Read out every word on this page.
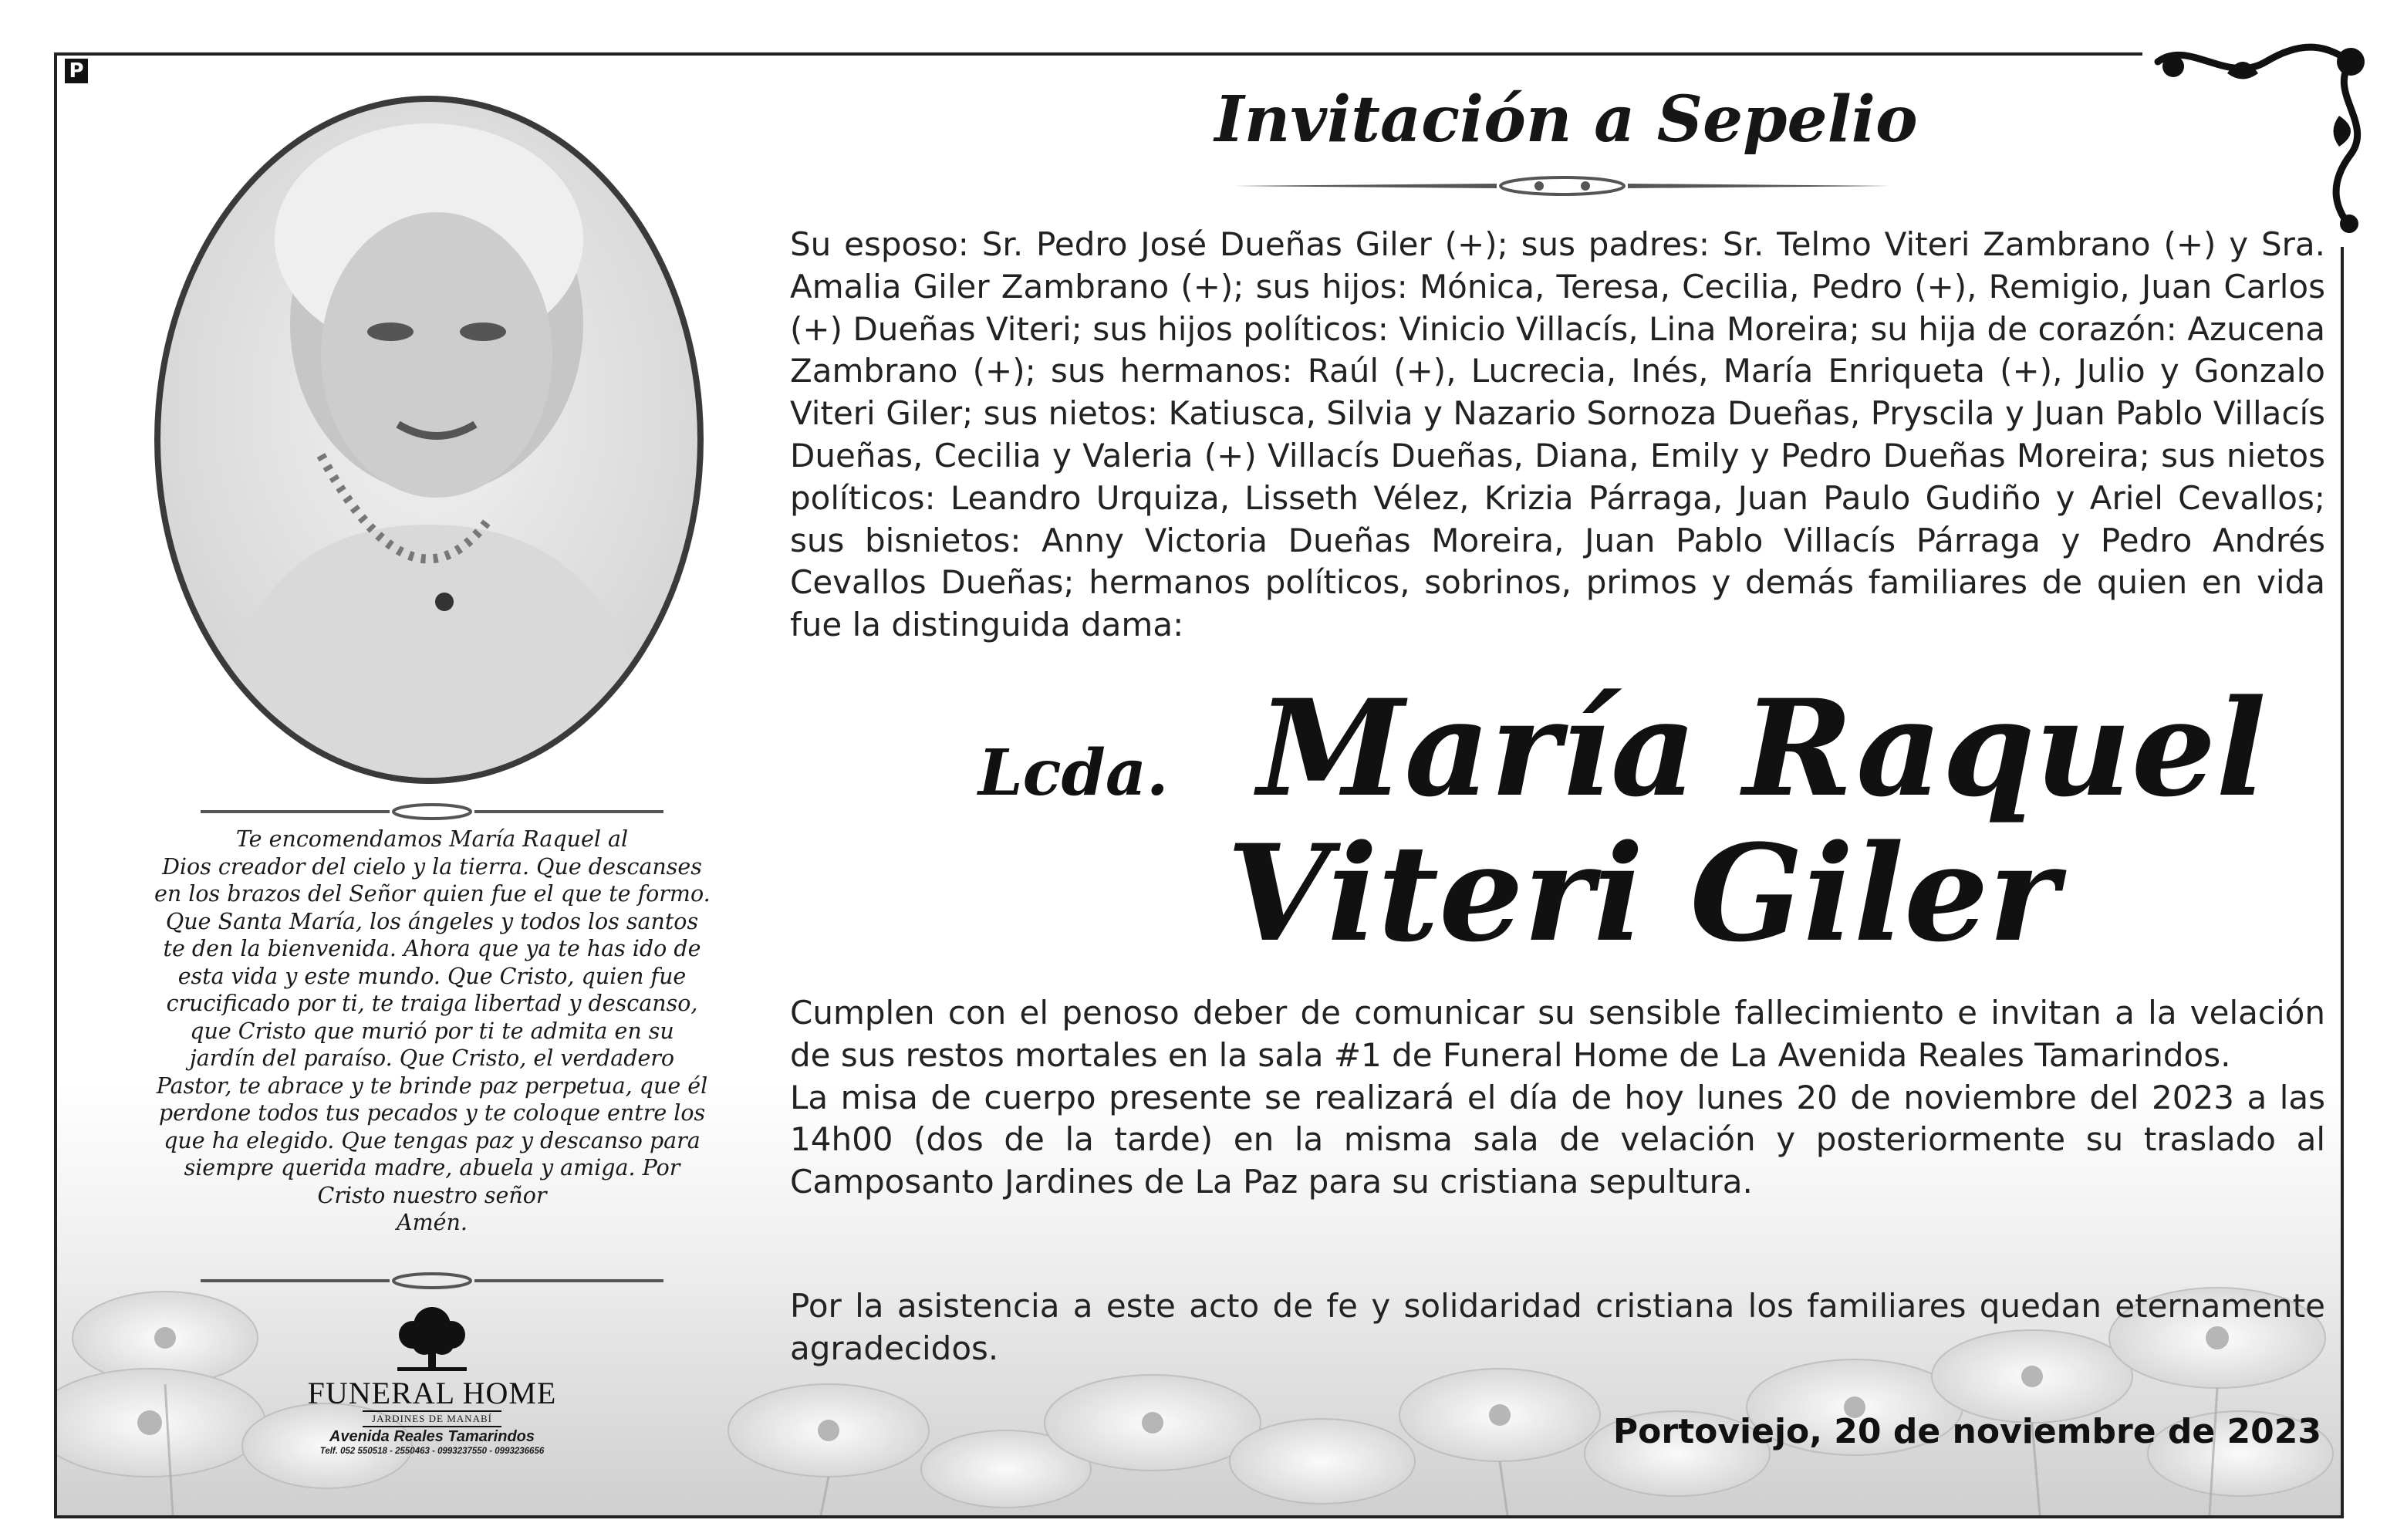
P
Te encomendamos María Raquel al
Dios creador del cielo y la tierra. Que descanses
en los brazos del Señor quien fue el que te formo.
Que Santa María, los ángeles y todos los santos
te den la bienvenida. Ahora que ya te has ido de
esta vida y este mundo. Que Cristo, quien fue
crucificado por ti, te traiga libertad y descanso,
que Cristo que murió por ti te admita en su
jardín del paraíso. Que Cristo, el verdadero
Pastor, te abrace y te brinde paz perpetua, que él
perdone todos tus pecados y te coloque entre los
que ha elegido. Que tengas paz y descanso para
siempre querida madre, abuela y amiga. Por
Cristo nuestro señor
Amén.
FUNERAL HOME
JARDINES DE MANABÍ
Avenida Reales Tamarindos
Telf. 052 550518 - 2550463 - 0993237550 - 0993236656
Invitación a Sepelio
Su esposo: Sr. Pedro José Dueñas Giler (+); sus padres: Sr. Telmo Viteri Zambrano (+) y Sra. Amalia Giler Zambrano (+); sus hijos: Mónica, Teresa, Cecilia, Pedro (+), Remigio, Juan Carlos (+) Dueñas Viteri; sus hijos políticos: Vinicio Villacís, Lina Moreira; su hija de corazón: Azucena Zambrano (+); sus hermanos: Raúl (+), Lucrecia, Inés, María Enriqueta (+), Julio y Gonzalo Viteri Giler; sus nietos: Katiusca, Silvia y Nazario Sornoza Dueñas, Pryscila y Juan Pablo Villacís Dueñas, Cecilia y Valeria (+) Villacís Dueñas, Diana, Emily y Pedro Dueñas Moreira; sus nietos políticos: Leandro Urquiza, Lisseth Vélez, Krizia Párraga, Juan Paulo Gudiño y Ariel Cevallos; sus bisnietos: Anny Victoria Dueñas Moreira, Juan Pablo Villacís Párraga y Pedro Andrés Cevallos Dueñas; hermanos políticos, sobrinos, primos y demás familiares de quien en vida fue la distinguida dama:
Lcda. María Raquel
Viteri Giler

Cumplen con el penoso deber de comunicar su sensible fallecimiento e invitan a la velación de sus restos mortales en la sala #1 de Funeral Home de La Avenida Reales Tamarindos.

La misa de cuerpo presente se realizará el día de hoy lunes 20 de noviembre del 2023 a las 14h00 (dos de la tarde) en la misma sala de velación y posteriormente su traslado al Camposanto Jardines de La Paz para su cristiana sepultura.

Por la asistencia a este acto de fe y solidaridad cristiana los familiares quedan eternamente agradecidos.
Portoviejo, 20 de noviembre de 2023
